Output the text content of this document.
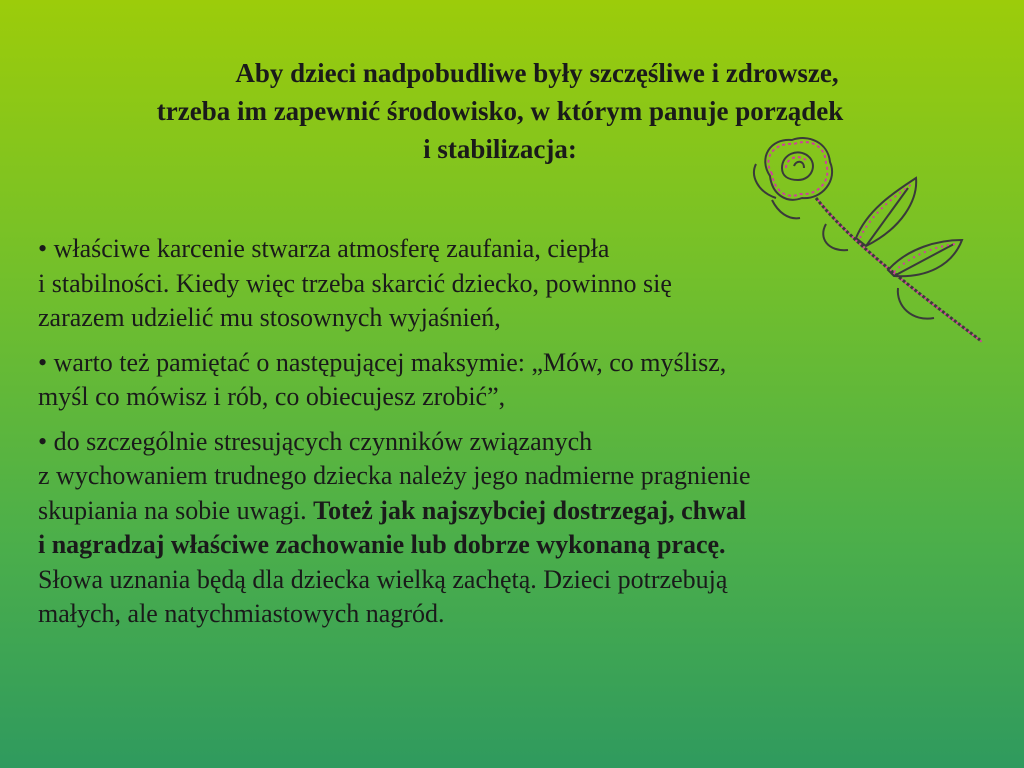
Aby dzieci nadpobudliwe były szczęśliwe i zdrowsze,
trzeba im zapewnić środowisko, w którym panuje porządek
i stabilizacja:
• właściwe karcenie stwarza atmosferę zaufania, ciepła
i stabilności. Kiedy więc trzeba skarcić dziecko, powinno się
zarazem udzielić mu stosownych wyjaśnień,
• warto też pamiętać o następującej maksymie: „Mów, co myślisz,
myśl co mówisz i rób, co obiecujesz zrobić”,
• do szczególnie stresujących czynników związanych
z wychowaniem trudnego dziecka należy jego nadmierne pragnienie
skupiania na sobie uwagi. Toteż jak najszybciej dostrzegaj, chwal
i nagradzaj właściwe zachowanie lub dobrze wykonaną pracę.
Słowa uznania będą dla dziecka wielką zachętą. Dzieci potrzebują
małych, ale natychmiastowych nagród.
